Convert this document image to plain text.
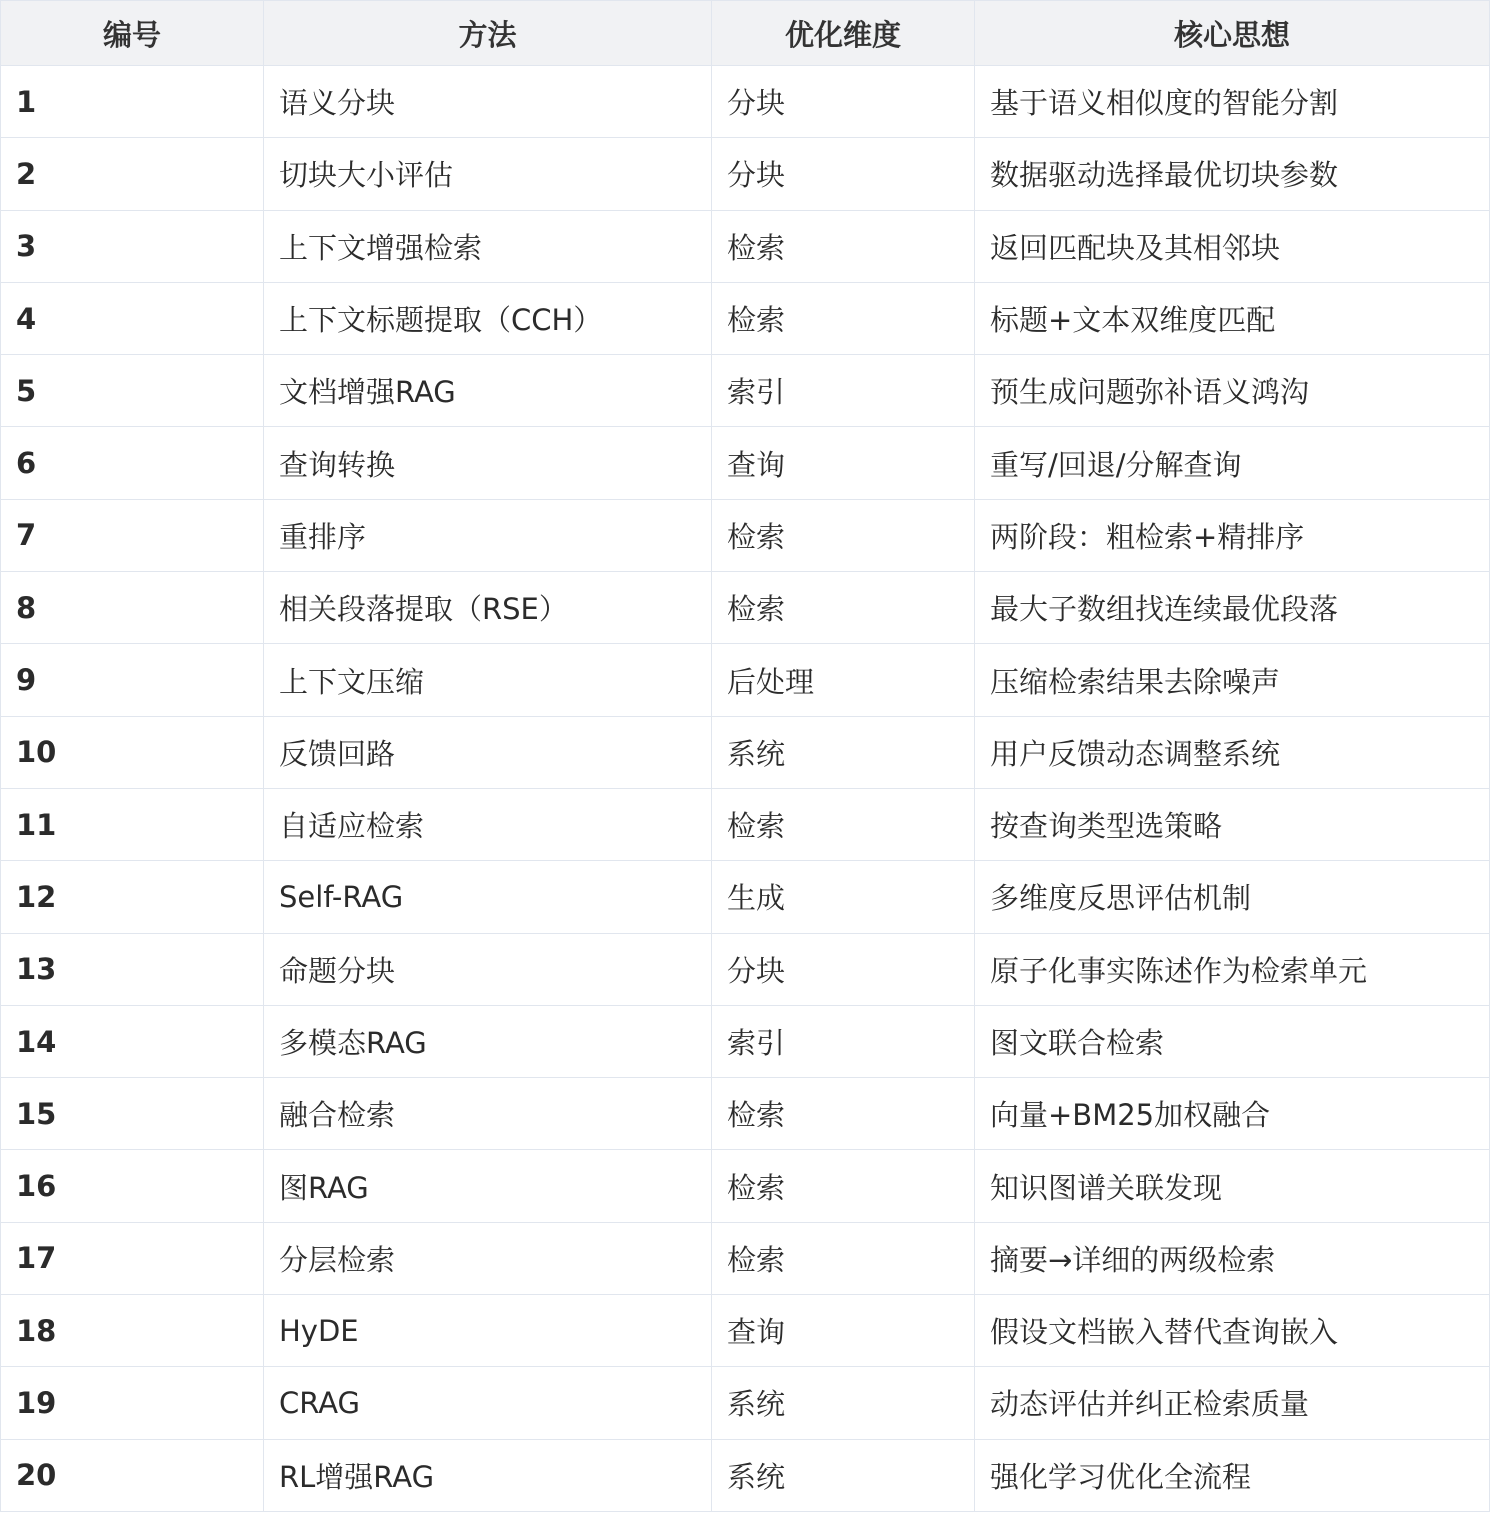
编号	方法	优化维度	核心思想
1	语义分块	分块	基于语义相似度的智能分割
2	切块大小评估	分块	数据驱动选择最优切块参数
3	上下文增强检索	检索	返回匹配块及其相邻块
4	上下文标题提取（CCH）	检索	标题+文本双维度匹配
5	文档增强RAG	索引	预生成问题弥补语义鸿沟
6	查询转换	查询	重写/回退/分解查询
7	重排序	检索	两阶段：粗检索+精排序
8	相关段落提取（RSE）	检索	最大子数组找连续最优段落
9	上下文压缩	后处理	压缩检索结果去除噪声
10	反馈回路	系统	用户反馈动态调整系统
11	自适应检索	检索	按查询类型选策略
12	Self-RAG	生成	多维度反思评估机制
13	命题分块	分块	原子化事实陈述作为检索单元
14	多模态RAG	索引	图文联合检索
15	融合检索	检索	向量+BM25加权融合
16	图RAG	检索	知识图谱关联发现
17	分层检索	检索	摘要→详细的两级检索
18	HyDE	查询	假设文档嵌入替代查询嵌入
19	CRAG	系统	动态评估并纠正检索质量
20	RL增强RAG	系统	强化学习优化全流程
